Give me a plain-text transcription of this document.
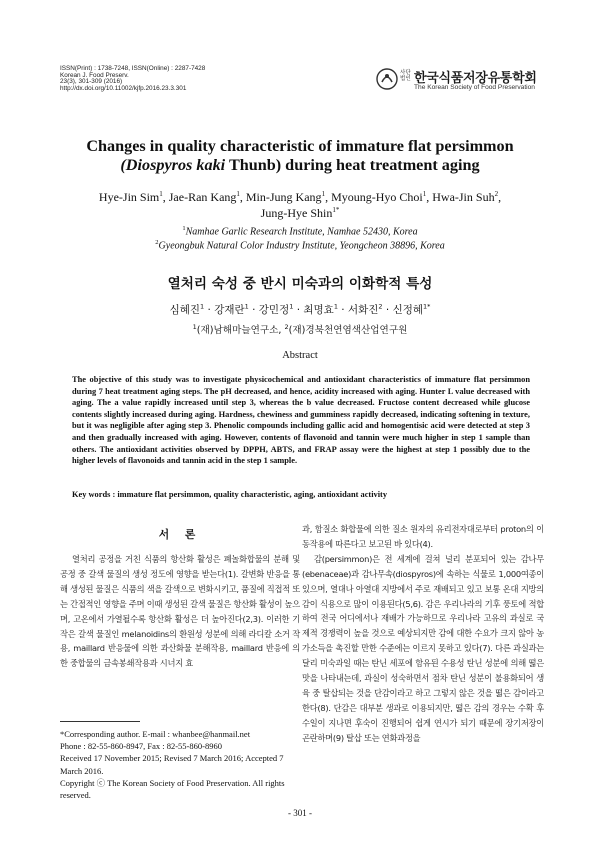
ISSN(Print) : 1738-7248, ISSN(Online) : 2287-7428
Korean J. Food Preserv.
23(3), 301-309 (2016)
http://dx.doi.org/10.11002/kjfp.2016.23.3.301
사단법인 한국식품저장유통학회
The Korean Society of Food Preservation
Changes in quality characteristic of immature flat persimmon
(Diospyros kaki Thunb) during heat treatment aging
Hye-Jin Sim$^1$, Jae-Ran Kang$^1$, Min-Jung Kang$^1$, Myoung-Hyo Choi$^1$, Hwa-Jin Suh$^2$,
Jung-Hye Shin$^{1*}$
$^1$Namhae Garlic Research Institute, Namhae 52430, Korea
$^2$Gyeongbuk Natural Color Industry Institute, Yeongcheon 38896, Korea
열처리 숙성 중 반시 미숙과의 이화학적 특성
심혜진$^1$ · 강재란$^1$ · 강민정$^1$ · 최명효$^1$ · 서화진$^2$ · 신정혜$^{1*}$
$^1$(재)남해마늘연구소, $^2$(재)경북천연염색산업연구원
Abstract
The objective of this study was to investigate physicochemical and antioxidant characteristics of immature flat persimmon during 7 heat treatment aging steps. The pH decreased, and hence, acidity increased with aging. Hunter L value decreased with aging. The a value rapidly increased until step 3, whereas the b value decreased. Fructose content decreased while glucose contents slightly increased during aging. Hardness, chewiness and gumminess rapidly decreased, indicating softening in texture, but it was negligible after aging step 3. Phenolic compounds including gallic acid and homogentisic acid were detected at step 3 and then gradually increased with aging. However, contents of flavonoid and tannin were much higher in step 1 sample than others. The antioxidant activities observed by DPPH, ABTS, and FRAP assay were the highest at step 1 possibly due to the higher levels of flavonoids and tannin acid in the step 1 sample.
Key words : immature flat persimmon, quality characteristic, aging, antioxidant activity
서 론

열처리 공정을 거친 식품의 항산화 활성은 폐놀화합물의 분해 및 공정 중 갈색 물질의 생성 정도에 영향을 받는다(1). 갈변화 반응을 통해 생성된 물질은 식품의 색을 갈색으로 변화시키고, 품질에 직접적 또는 간접적인 영향을 주며 이때 생성된 갈색 물질은 항산화 활성이 높으며, 고온에서 가열될수록 항산화 활성은 더 높아진다(2,3). 이러한 기작은 갈색 물질인 melanoidins의 환원성 성분에 의해 라디칼 소거 작용, maillard 반응물에 의한 과산화물 분해작용, maillard 반응에 의한 중합물의 금속봉쇄작용과 시너지 효

과, 함질소 화합물에 의한 질소 원자의 유리전자대로부터 proton의 이동작용에 따른다고 보고된 바 있다(4).

감(persimmon)은 전 세계에 걸쳐 널리 분포되어 있는 감나무(ebenaceae)과 감나무속(diospyros)에 속하는 식물로 1,000여종이 있으며, 열대나 아열대 지방에서 주로 재배되고 있고 보통 온대 지방의 감이 식용으로 많이 이용된다(5,6). 감은 우리나라의 기후 풍토에 적합하여 전국 어디에서나 재배가 가능하므로 우리나라 고유의 과실로 국제적 경쟁력이 높을 것으로 예상되지만 감에 대한 수요가 크지 않아 농가소득을 촉진할 만한 수준에는 이르지 못하고 있다(7). 다른 과실과는 달리 미숙과일 때는 탄닌 세포에 함유된 수용성 탄닌 성분에 의해 떫은맛을 나타내는데, 과실이 성숙하면서 점차 탄닌 성분이 불용화되어 생육 중 탈삽되는 것을 단감이라고 하고 그렇지 않은 것을 떫은 감이라고 한다(8). 단감은 대부분 생과로 이용되지만, 떫은 감의 경우는 수확 후 수일이 지나면 후숙이 진행되어 쉽게 연시가 되기 때문에 장기저장이 곤란하며(9) 탈삽 또는 연화과정을

*Corresponding author. E-mail : whanbee@hanmail.net
Phone : 82-55-860-8947, Fax : 82-55-860-8960
Received 17 November 2015; Revised 7 March 2016; Accepted 7 March 2016.
Copyright ⓒ The Korean Society of Food Preservation. All rights reserved.
- 301 -
